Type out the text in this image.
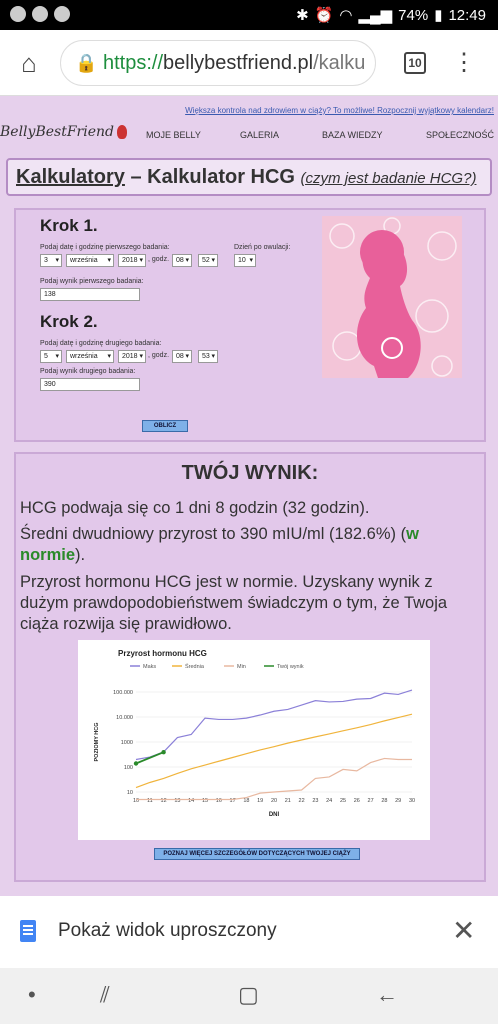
✱ ⏰ ◠ ▂▄▆ 74% ▮ 12:49
⌂	🔒 https://bellybestfriend.pl/kalku	10 ⋮
Większa kontrola nad zdrowiem w ciąży? To możliwe! Rozpocznij wyjątkowy kalendarz!
BellyBestFriend	MOJE BELLY	GALERIA	BAZA WIEDZY	SPOŁECZNOŚĆ
Kalkulatory – Kalkulator HCG (czym jest badanie HCG?)
Krok 1.
Podaj datę i godzinę pierwszego badania:	Dzień po owulacji:
3 ▾	września ▾	2018 ▾	, godz. 08 ▾	52 ▾	10 ▾
Podaj wynik pierwszego badania:
138
Krok 2.
Podaj datę i godzinę drugiego badania:
5 ▾	września ▾	2018 ▾	, godz. 08 ▾	53 ▾
Podaj wynik drugiego badania:
390
OBLICZ
TWÓJ WYNIK:
HCG podwaja się co 1 dni 8 godzin (32 godzin).
Średni dwudniowy przyrost to 390 mIU/ml (182.6%) (w normie).
Przyrost hormonu HCG jest w normie. Uzyskany wynik z dużym prawdopodobieństwem świadczym o tym, że Twoja ciąża rozwija się prawidłowo.
Przyrost hormonu HCG
Maks	Średnia	Min	Twój wynik
10
100
1000
10.000
100.000
10 11 12 13 14 15 16 17 18 19 20 21 22 23 24 25 26 27 28 29 30
DNI
POZIOMY HCG
POZNAJ WIĘCEJ SZCZEGÓŁÓW DOTYCZĄCYCH TWOJEJ CIĄŻY
Pokaż widok uproszczony	✕
•	⫽	▢	←
